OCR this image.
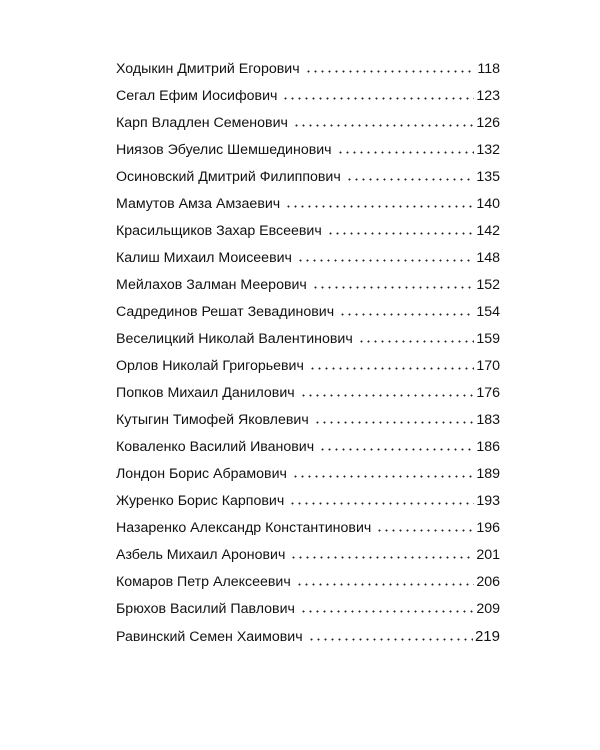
Ходыкин Дмитрий Егорович	118
Сегал Ефим Иосифович	123
Карп Владлен Семенович	126
Ниязов Эбуелис Шемшединович	132
Осиновский Дмитрий Филиппович	135
Мамутов Амза Амзаевич	140
Красильщиков Захар Евсеевич	142
Калиш Михаил Моисеевич	148
Мейлахов Залман Меерович	152
Садрединов Решат Зевадинович	154
Веселицкий Николай Валентинович	159
Орлов Николай Григорьевич	170
Попков Михаил Данилович	176
Кутыгин Тимофей Яковлевич	183
Коваленко Василий Иванович	186
Лондон Борис Абрамович	189
Журенко Борис Карпович	193
Назаренко Александр Константинович	196
Азбель Михаил Аронович	201
Комаров Петр Алексеевич	206
Брюхов Василий Павлович	209
Равинский Семен Хаимович	219
